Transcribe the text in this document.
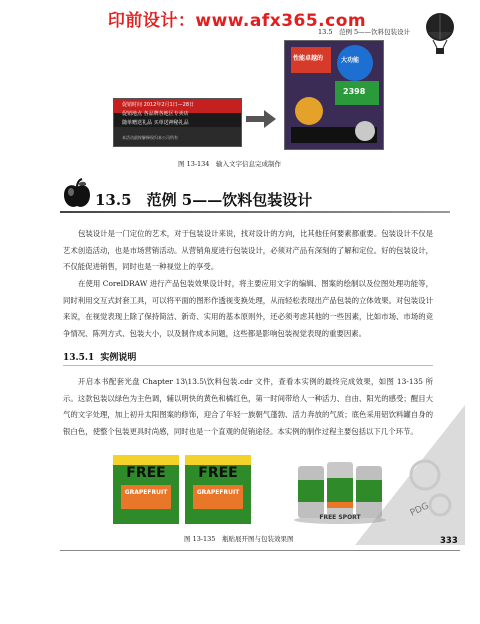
印前设计：www.afx365.com
13.5　范例 5——饮料包装设计
促销时间 2012年2月1日—28日
促销地点 各品牌各地区专卖店
随单赠送礼品 买单送神秘礼品
本活动最终解释权归本公司所有
性能卓越的	大功能
2398
图 13-134　 输入文字信息完成制作
13.5　 范例 5——饮料包装设计

包装设计是一门定位的艺术，对于包装设计来说，找对设计的方向，比其他任何要素都重要。包装设计不仅是艺术创造活动，也是市场营销活动。从营销角度进行包装设计，必须对产品有深刻的了解和定位。好的包装设计，不仅能促进销售，同时也是一种视觉上的享受。

在使用 CorelDRAW 进行产品包装效果设计时，将主要应用文字的编辑、图案的绘制以及位图处理功能等，同时利用交互式封套工具，可以将平面的图形作透视变换处理，从而轻松表现出产品包装的立体效果。对包装设计来说，在视觉表现上除了保持简洁、新奇、实用的基本原则外，还必须考虑其他的一些因素，比如市场、市场的竞争情况、陈列方式、包装大小，以及制作成本问题，这些都是影响包装视觉表现的重要因素。

13.5.1 实例说明

开启本书配套光盘 Chapter 13\13.5\饮料包装.cdr 文件，查看本实例的最终完成效果，如图 13-135 所示。这款包装以绿色为主色调，辅以明快的黄色和橘红色，第一时间带给人一种活力、自由、阳光的感受；醒目大气的文字处理，加上初升太阳图案的修饰，迎合了年轻一族朝气蓬勃、活力奔放的气质；底色采用铝饮料罐自身的银白色，使整个包装更具时尚感，同时也是一个直观的促销途径。本实例的制作过程主要包括以下几个环节。

FREE
GRAPEFRUIT
FREE
GRAPEFRUIT
FREE SPORT	PDG
图 13-135　 瓶贴展开图与包装效果图	333
